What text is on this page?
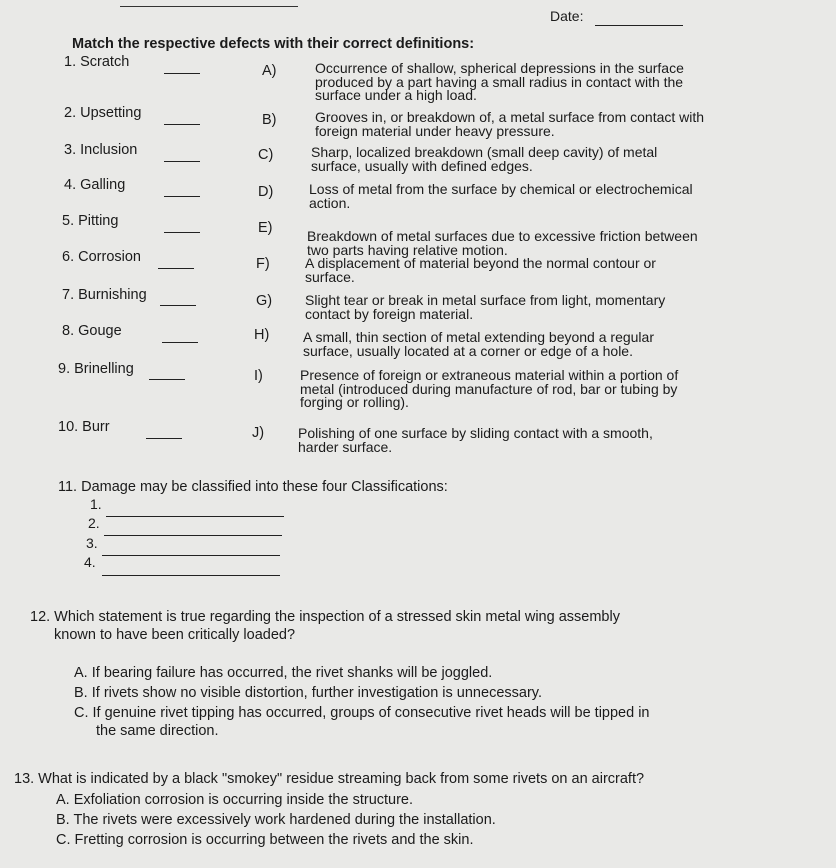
Date:
Match the respective defects with their correct definitions:
1. Scratch
2. Upsetting
3. Inclusion
4. Galling
5. Pitting
6. Corrosion
7. Burnishing
8. Gouge
9. Brinelling
10. Burr
A)	Occurrence of shallow, spherical depressions in the surface
produced by a part having a small radius in contact with the
surface under a high load.
B)	Grooves in, or breakdown of, a metal surface from contact with
foreign material under heavy pressure.
C)	Sharp, localized breakdown (small deep cavity) of metal
surface, usually with defined edges.
D)	Loss of metal from the surface by chemical or electrochemical
action.
E) Breakdown of metal surfaces due to excessive friction between
two parts having relative motion.
F)	A displacement of material beyond the normal contour or
surface.
G) Slight tear or break in metal surface from light, momentary
contact by foreign material.
H) A small, thin section of metal extending beyond a regular
surface, usually located at a corner or edge of a hole.
I)	Presence of foreign or extraneous material within a portion of
metal (introduced during manufacture of rod, bar or tubing by
forging or rolling).
J) Polishing of one surface by sliding contact with a smooth,
harder surface.
11. Damage may be classified into these four Classifications:
1.
2.
3.
4.
12. Which statement is true regarding the inspection of a stressed skin metal wing assembly
known to have been critically loaded?
A. If bearing failure has occurred, the rivet shanks will be joggled.
B. If rivets show no visible distortion, further investigation is unnecessary.
C. If genuine rivet tipping has occurred, groups of consecutive rivet heads will be tipped in
the same direction.
13. What is indicated by a black "smokey" residue streaming back from some rivets on an aircraft?
A. Exfoliation corrosion is occurring inside the structure.
B. The rivets were excessively work hardened during the installation.
C. Fretting corrosion is occurring between the rivets and the skin.
